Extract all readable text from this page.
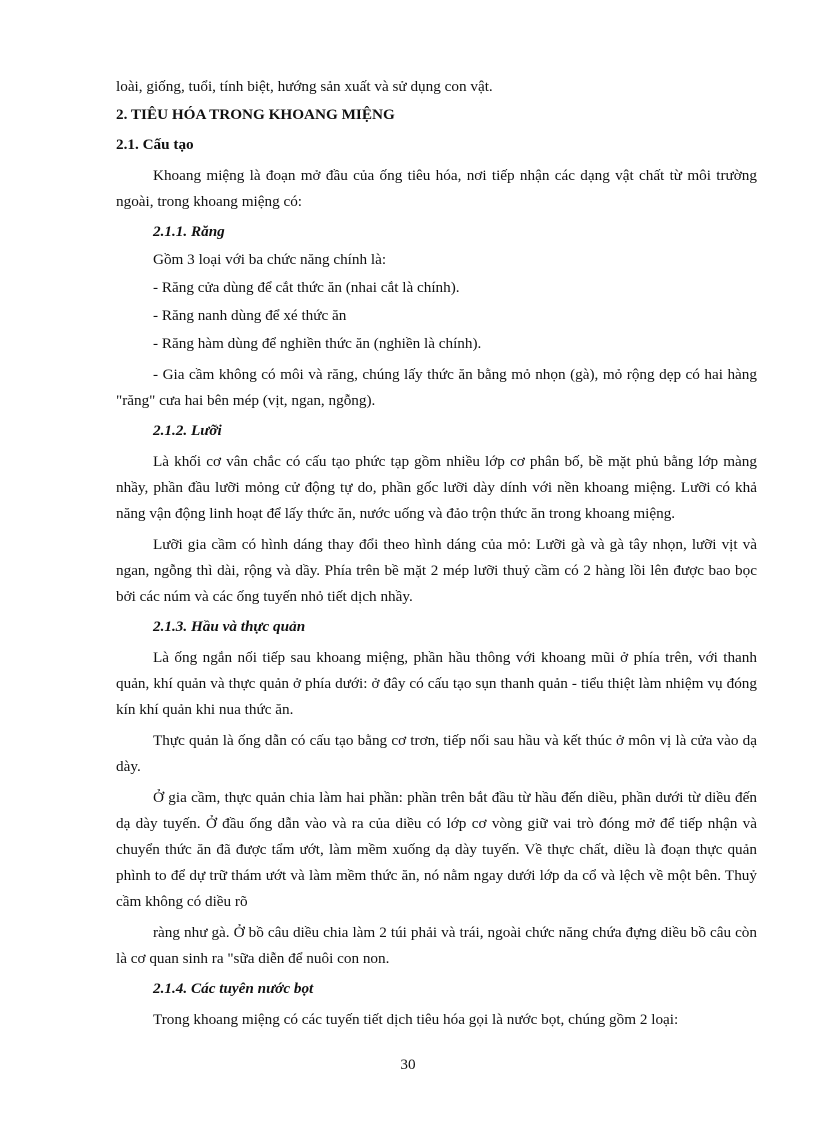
loài, giống, tuổi, tính biệt, hướng sản xuất và sử dụng con vật.

2. TIÊU HÓA TRONG KHOANG MIỆNG

2.1. Cấu tạo

Khoang miệng là đoạn mở đầu của ống tiêu hóa, nơi tiếp nhận các dạng vật chất từ môi trường ngoài, trong khoang miệng có:

2.1.1. Răng

Gồm 3 loại với ba chức năng chính là:

- Răng cửa dùng để cắt thức ăn (nhai cắt là chính).

- Răng nanh dùng để xé thức ăn

- Răng hàm dùng để nghiền thức ăn (nghiền là chính).

- Gia cầm không có môi và răng, chúng lấy thức ăn bằng mỏ nhọn (gà), mỏ rộng dẹp có hai hàng "răng" cưa hai bên mép (vịt, ngan, ngỗng).

2.1.2. Lưỡi

Là khối cơ vân chắc có cấu tạo phức tạp gồm nhiều lớp cơ phân bố, bề mặt phủ bằng lớp màng nhầy, phần đầu lưỡi mỏng cử động tự do, phần gốc lưỡi dày dính với nền khoang miệng. Lưỡi có khả năng vận động linh hoạt để lấy thức ăn, nước uống và đảo trộn thức ăn trong khoang miệng.

Lưỡi gia cầm có hình dáng thay đổi theo hình dáng của mỏ: Lưỡi gà và gà tây nhọn, lưỡi vịt và ngan, ngỗng thì dài, rộng và dầy. Phía trên bề mặt 2 mép lưỡi thuỷ cầm có 2 hàng lồi lên được bao bọc bởi các núm và các ống tuyến nhỏ tiết dịch nhầy.

2.1.3. Hầu và thực quản

Là ống ngắn nối tiếp sau khoang miệng, phần hầu thông với khoang mũi ở phía trên, với thanh quản, khí quản và thực quản ở phía dưới: ở đây có cấu tạo sụn thanh quản - tiểu thiệt làm nhiệm vụ đóng kín khí quản khi nua thức ăn.

Thực quản là ống dẫn có cấu tạo bằng cơ trơn, tiếp nối sau hầu và kết thúc ở môn vị là cửa vào dạ dày.

Ở gia cầm, thực quản chia làm hai phần: phần trên bắt đầu từ hầu đến diều, phần dưới từ diều đến dạ dày tuyến. Ở đầu ống dẫn vào và ra của diều có lớp cơ vòng giữ vai trò đóng mở để tiếp nhận và chuyển thức ăn đã được tẩm ướt, làm mềm xuống dạ dày tuyến. Về thực chất, diều là đoạn thực quản phình to để dự trữ thám ướt và làm mềm thức ăn, nó nằm ngay dưới lớp da cổ và lệch về một bên. Thuỷ cầm không có diều rõ

ràng như gà. Ở bồ câu diều chia làm 2 túi phải và trái, ngoài chức năng chứa đựng diều bồ câu còn là cơ quan sinh ra "sữa diễn để nuôi con non.

2.1.4. Các tuyên nước bọt

Trong khoang miệng có các tuyến tiết dịch tiêu hóa gọi là nước bọt, chúng gồm 2 loại:

30
